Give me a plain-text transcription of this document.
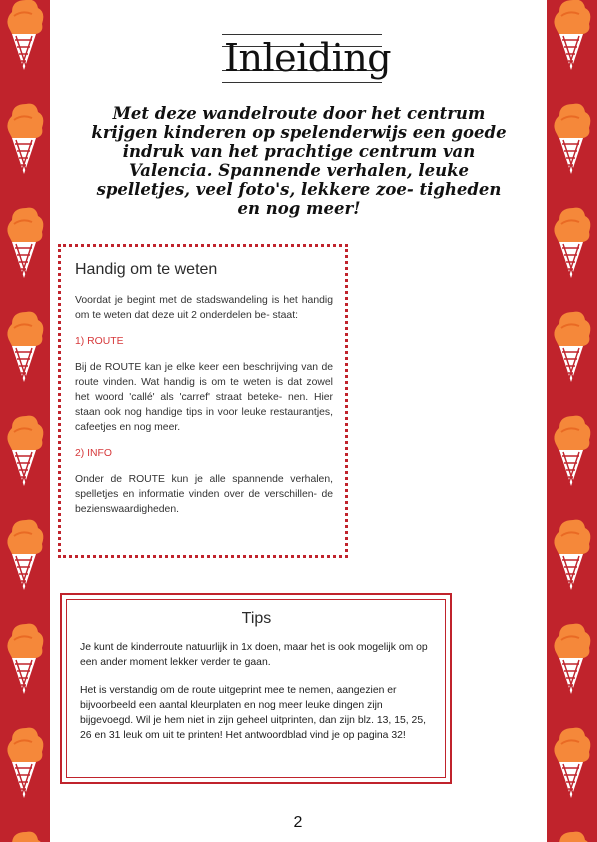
Inleiding
Met deze wandelroute door het centrum krijgen kinderen op spelenderwijs een goede indruk van het prachtige centrum van Valencia. Spannende verhalen, leuke spelletjes, veel foto's, lekkere zoe- tigheden en nog meer!
Handig om te weten

Voordat je begint met de stadswandeling is het handig om te weten dat deze uit 2 onderdelen be- staat:

1) ROUTE

Bij de ROUTE kan je elke keer een beschrijving van de route vinden. Wat handig is om te weten is dat zowel het woord 'callé' als 'carref' straat beteke- nen. Hier staan ook nog handige tips in voor leuke restaurantjes, cafeetjes en nog meer.

2) INFO

Onder de ROUTE kun je alle spannende verhalen, spelletjes en informatie vinden over de verschillen- de bezienswaardigheden.

Tips

Je kunt de kinderroute natuurlijk in 1x doen, maar het is ook mogelijk om op een ander moment lekker verder te gaan.

Het is verstandig om de route uitgeprint mee te nemen, aangezien er bijvoorbeeld een aantal kleurplaten en nog meer leuke dingen zijn bijgevoegd. Wil je hem niet in zijn geheel uitprinten, dan zijn blz. 13, 15, 25, 26 en 31 leuk om uit te printen! Het antwoordblad vind je op pagina 32!

2
